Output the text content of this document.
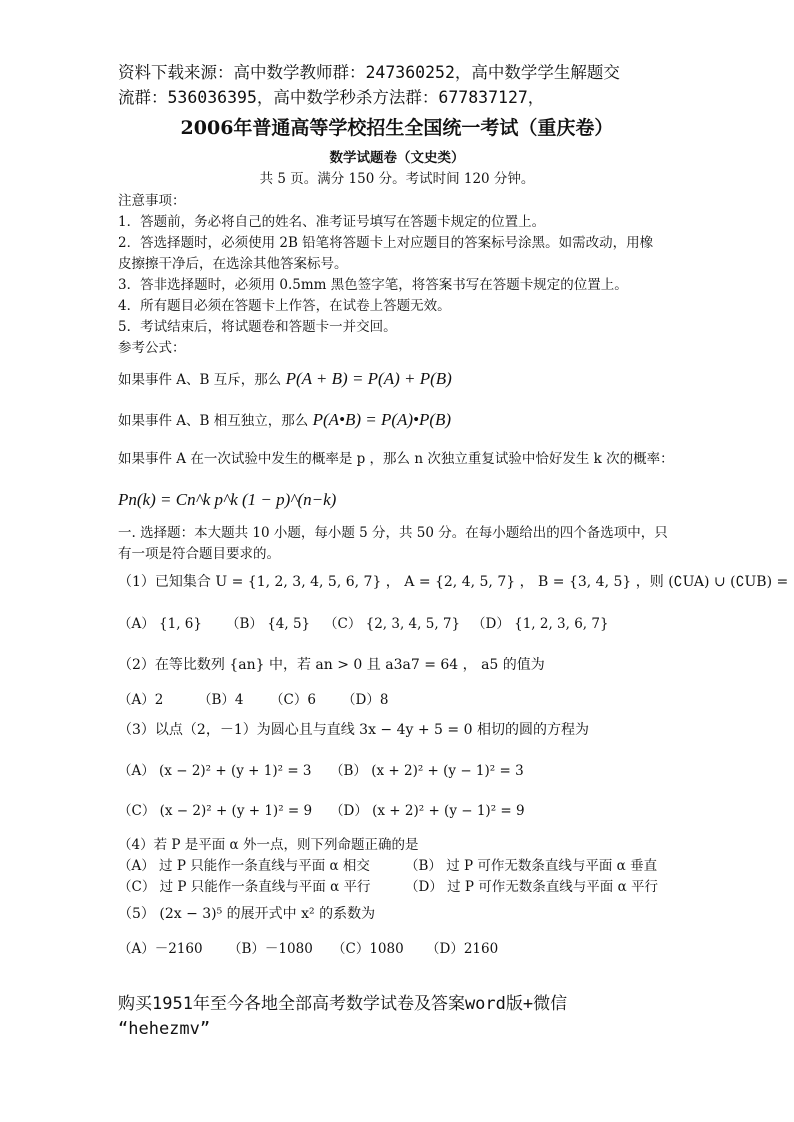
资料下载来源：高中数学教师群：247360252，高中数学学生解题交
流群：536036395，高中数学秒杀方法群：677837127，
2006年普通高等学校招生全国统一考试（重庆卷）
数学试题卷（文史类）
共 5 页。满分 150 分。考试时间 120 分钟。
注意事项：
1．答题前，务必将自己的姓名、准考证号填写在答题卡规定的位置上。
2．答选择题时，必须使用 2B 铅笔将答题卡上对应题目的答案标号涂黑。如需改动，用橡
皮擦擦干净后，在选涂其他答案标号。
3．答非选择题时，必须用 0.5mm 黑色签字笔，将答案书写在答题卡规定的位置上。
4．所有题目必须在答题卡上作答，在试卷上答题无效。
5．考试结束后，将试题卷和答题卡一并交回。
参考公式：
如果事件 A、B 互斥，那么 P(A + B) = P(A) + P(B)
如果事件 A、B 相互独立，那么 P(A•B) = P(A)•P(B)
如果事件 A 在一次试验中发生的概率是 p ，那么 n 次独立重复试验中恰好发生 k 次的概率：
Pn(k) = Cn^k p^k (1 − p)^(n−k)
一. 选择题：本大题共 10 小题，每小题 5 分，共 50 分。在每小题给出的四个备选项中，只
有一项是符合题目要求的。
（1）已知集合 U = {1, 2, 3, 4, 5, 6, 7} ， A = {2, 4, 5, 7} ， B = {3, 4, 5} ，则 (∁UA) ∪ (∁UB) =
（A） {1, 6} （B） {4, 5} （C） {2, 3, 4, 5, 7} （D） {1, 2, 3, 6, 7}
（2）在等比数列 {an} 中，若 an > 0 且 a3a7 = 64 ， a5 的值为
（A）2	（B）4 （C）6 （D）8
（3）以点（2，－1）为圆心且与直线 3x − 4y + 5 = 0 相切的圆的方程为
（A） (x − 2)² + (y + 1)² = 3 （B） (x + 2)² + (y − 1)² = 3
（C） (x − 2)² + (y + 1)² = 9 （D） (x + 2)² + (y − 1)² = 9
（4）若 P 是平面 α 外一点，则下列命题正确的是
（A） 过 P 只能作一条直线与平面 α 相交	（B） 过 P 可作无数条直线与平面 α 垂直
（C） 过 P 只能作一条直线与平面 α 平行	（D） 过 P 可作无数条直线与平面 α 平行
（5） (2x − 3)⁵ 的展开式中 x² 的系数为
（A）－2160 （B）－1080 （C）1080 （D）2160
购买1951年至今各地全部高考数学试卷及答案word版+微信
“hehezmv”
